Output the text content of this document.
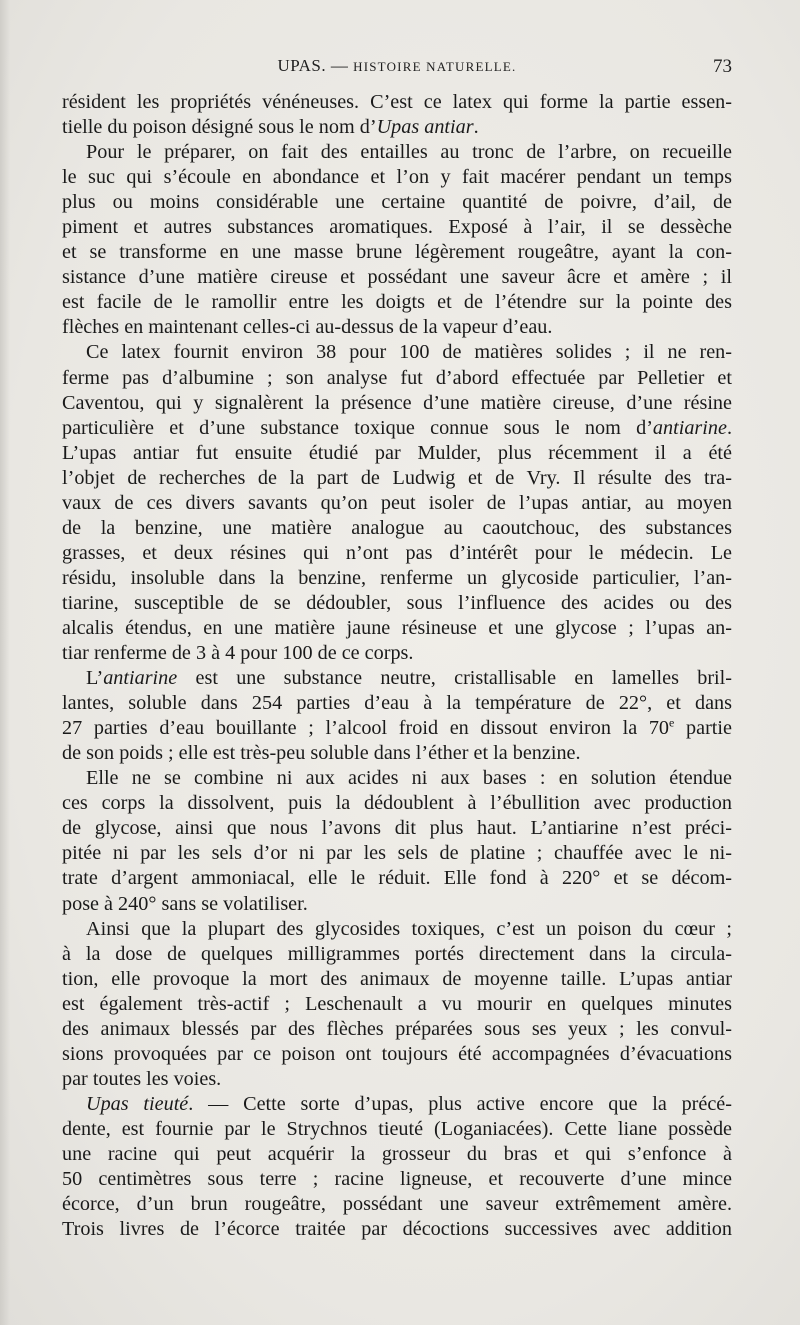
UPAS. — HISTOIRE NATURELLE.	73
résident les propriétés vénéneuses. C’est ce latex qui forme la partie essen-
tielle du poison désigné sous le nom d’Upas antiar.
Pour le préparer, on fait des entailles au tronc de l’arbre, on recueille
le suc qui s’écoule en abondance et l’on y fait macérer pendant un temps
plus ou moins considérable une certaine quantité de poivre, d’ail, de
piment et autres substances aromatiques. Exposé à l’air, il se dessèche
et se transforme en une masse brune légèrement rougeâtre, ayant la con-
sistance d’une matière cireuse et possédant une saveur âcre et amère ; il
est facile de le ramollir entre les doigts et de l’étendre sur la pointe des
flèches en maintenant celles-ci au-dessus de la vapeur d’eau.
Ce latex fournit environ 38 pour 100 de matières solides ; il ne ren-
ferme pas d’albumine ; son analyse fut d’abord effectuée par Pelletier et
Caventou, qui y signalèrent la présence d’une matière cireuse, d’une résine
particulière et d’une substance toxique connue sous le nom d’antiarine.
L’upas antiar fut ensuite étudié par Mulder, plus récemment il a été
l’objet de recherches de la part de Ludwig et de Vry. Il résulte des tra-
vaux de ces divers savants qu’on peut isoler de l’upas antiar, au moyen
de la benzine, une matière analogue au caoutchouc, des substances
grasses, et deux résines qui n’ont pas d’intérêt pour le médecin. Le
résidu, insoluble dans la benzine, renferme un glycoside particulier, l’an-
tiarine, susceptible de se dédoubler, sous l’influence des acides ou des
alcalis étendus, en une matière jaune résineuse et une glycose ; l’upas an-
tiar renferme de 3 à 4 pour 100 de ce corps.
L’antiarine est une substance neutre, cristallisable en lamelles bril-
lantes, soluble dans 254 parties d’eau à la température de 22°, et dans
27 parties d’eau bouillante ; l’alcool froid en dissout environ la 70e partie
de son poids ; elle est très-peu soluble dans l’éther et la benzine.
Elle ne se combine ni aux acides ni aux bases : en solution étendue
ces corps la dissolvent, puis la dédoublent à l’ébullition avec production
de glycose, ainsi que nous l’avons dit plus haut. L’antiarine n’est préci-
pitée ni par les sels d’or ni par les sels de platine ; chauffée avec le ni-
trate d’argent ammoniacal, elle le réduit. Elle fond à 220° et se décom-
pose à 240° sans se volatiliser.
Ainsi que la plupart des glycosides toxiques, c’est un poison du cœur ;
à la dose de quelques milligrammes portés directement dans la circula-
tion, elle provoque la mort des animaux de moyenne taille. L’upas antiar
est également très-actif ; Leschenault a vu mourir en quelques minutes
des animaux blessés par des flèches préparées sous ses yeux ; les convul-
sions provoquées par ce poison ont toujours été accompagnées d’évacuations
par toutes les voies.
Upas tieuté. — Cette sorte d’upas, plus active encore que la précé-
dente, est fournie par le Strychnos tieuté (Loganiacées). Cette liane possède
une racine qui peut acquérir la grosseur du bras et qui s’enfonce à
50 centimètres sous terre ; racine ligneuse, et recouverte d’une mince
écorce, d’un brun rougeâtre, possédant une saveur extrêmement amère.
Trois livres de l’écorce traitée par décoctions successives avec addition
